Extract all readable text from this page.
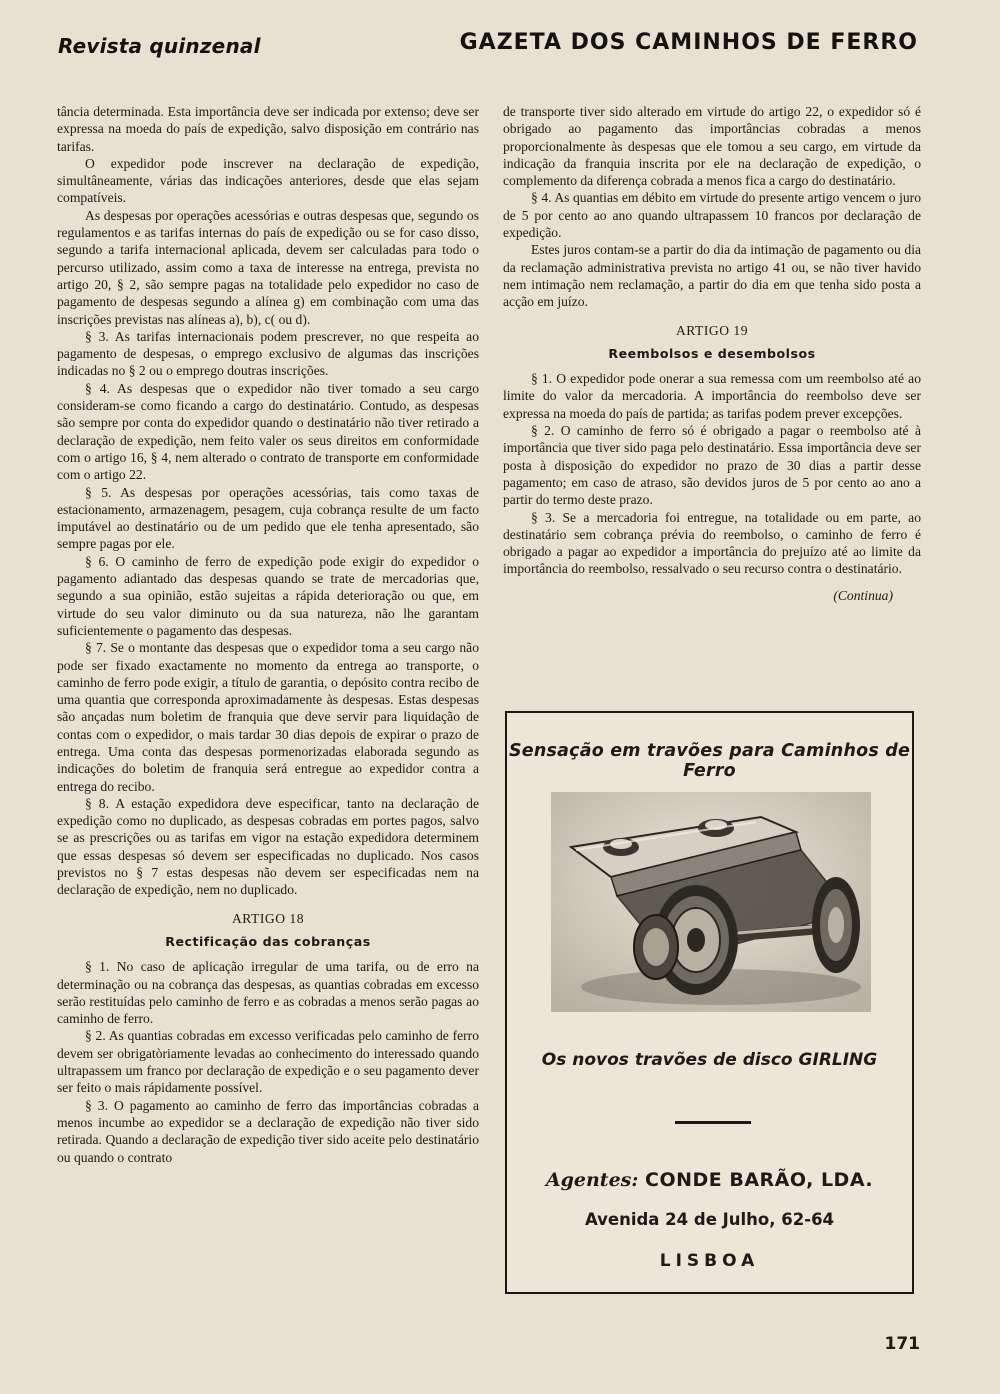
Revista quinzenal	GAZETA DOS CAMINHOS DE FERRO

tância determinada. Esta importância deve ser indicada por extenso; deve ser expressa na moeda do país de expedição, salvo disposição em contrário nas tarifas.

O expedidor pode inscrever na declaração de expedição, simultâneamente, várias das indicações anteriores, desde que elas sejam compatíveis.

As despesas por operações acessórias e outras despesas que, segundo os regulamentos e as tarifas internas do país de expedição ou se for caso disso, segundo a tarifa internacional aplicada, devem ser calculadas para todo o percurso utilizado, assim como a taxa de interesse na entrega, prevista no artigo 20, § 2, são sempre pagas na totalidade pelo expedidor no caso de pagamento de despesas segundo a alínea g) em combinação com uma das inscrições previstas nas alíneas a), b), c( ou d).

§ 3. As tarifas internacionais podem prescrever, no que respeita ao pagamento de despesas, o emprego exclusivo de algumas das inscrições indicadas no § 2 ou o emprego doutras inscrições.

§ 4. As despesas que o expedidor não tiver tomado a seu cargo consideram-se como ficando a cargo do destinatário. Contudo, as despesas são sempre por conta do expedidor quando o destinatário não tiver retirado a declaração de expedição, nem feito valer os seus direitos em conformidade com o artigo 16, § 4, nem alterado o contrato de transporte em conformidade com o artigo 22.

§ 5. As despesas por operações acessórias, tais como taxas de estacionamento, armazenagem, pesagem, cuja cobrança resulte de um facto imputável ao destinatário ou de um pedido que ele tenha apresentado, são sempre pagas por ele.

§ 6. O caminho de ferro de expedição pode exigir do expedidor o pagamento adiantado das despesas quando se trate de mercadorias que, segundo a sua opinião, estão sujeitas a rápida deterioração ou que, em virtude do seu valor diminuto ou da sua natureza, não lhe garantam suficientemente o pagamento das despesas.

§ 7. Se o montante das despesas que o expedidor toma a seu cargo não pode ser fixado exactamente no momento da entrega ao transporte, o caminho de ferro pode exigir, a título de garantia, o depósito contra recibo de uma quantia que corresponda aproximadamente às despesas. Estas despesas são ançadas num boletim de franquia que deve servir para liquidação de contas com o expedidor, o mais tardar 30 dias depois de expirar o prazo de entrega. Uma conta das despesas pormenorizadas elaborada segundo as indicações do boletim de franquia será entregue ao expedidor contra a entrega do recibo.

§ 8. A estação expedidora deve especificar, tanto na declaração de expedição como no duplicado, as despesas cobradas em portes pagos, salvo se as prescrições ou as tarifas em vigor na estação expedidora determinem que essas despesas só devem ser especificadas no duplicado. Nos casos previstos no § 7 estas despesas não devem ser especificadas nem na declaração de expedição, nem no duplicado.

ARTIGO 18
Rectificação das cobranças

§ 1. No caso de aplicação irregular de uma tarifa, ou de erro na determinação ou na cobrança das despesas, as quantias cobradas em excesso serão restituídas pelo caminho de ferro e as cobradas a menos serão pagas ao caminho de ferro.

§ 2. As quantias cobradas em excesso verificadas pelo caminho de ferro devem ser obrigatòriamente levadas ao conhecimento do interessado quando ultrapassem um franco por declaração de expedição e o seu pagamento dever ser feito o mais rápidamente possível.

§ 3. O pagamento ao caminho de ferro das importâncias cobradas a menos incumbe ao expedidor se a declaração de expedição não tiver sido retirada. Quando a declaração de expedição tiver sido aceite pelo destinatário ou quando o contrato

de transporte tiver sido alterado em virtude do artigo 22, o expedidor só é obrigado ao pagamento das importâncias cobradas a menos proporcionalmente às despesas que ele tomou a seu cargo, em virtude da indicação da franquia inscrita por ele na declaração de expedição, o complemento da diferença cobrada a menos fica a cargo do destinatário.

§ 4. As quantias em débito em virtude do presente artigo vencem o juro de 5 por cento ao ano quando ultrapassem 10 francos por declaração de expedição.

Estes juros contam-se a partir do dia da intimação de pagamento ou dia da reclamação administrativa prevista no artigo 41 ou, se não tiver havido nem intimação nem reclamação, a partir do dia em que tenha sido posta a acção em juízo.

ARTIGO 19
Reembolsos e desembolsos

§ 1. O expedidor pode onerar a sua remessa com um reembolso até ao limite do valor da mercadoria. A importância do reembolso deve ser expressa na moeda do país de partida; as tarifas podem prever excepções.

§ 2. O caminho de ferro só é obrigado a pagar o reembolso até à importância que tiver sido paga pelo destinatário. Essa importância deve ser posta à disposição do expedidor no prazo de 30 dias a partir desse pagamento; em caso de atraso, são devidos juros de 5 por cento ao ano a partir do termo deste prazo.

§ 3. Se a mercadoria foi entregue, na totalidade ou em parte, ao destinatário sem cobrança prévia do reembolso, o caminho de ferro é obrigado a pagar ao expedidor a importância do prejuízo até ao limite da importância do reembolso, ressalvado o seu recurso contra o destinatário.

(Continua)
Sensação em travões para Caminhos de Ferro
Os novos travões de disco GIRLING
Agentes: CONDE BARÃO, LDA.
Avenida 24 de Julho, 62-64
LISBOA
171
